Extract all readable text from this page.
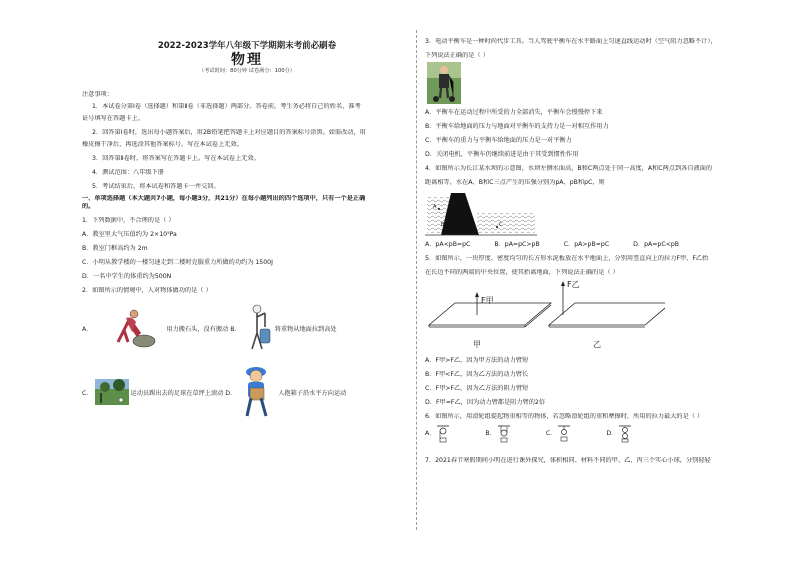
2022-2023学年八年级下学期期末考前必刷卷
物理
（考试时间：80分钟 试卷满分：100分）

注意事项：

1．本试卷分第Ⅰ卷（选择题）和第Ⅱ卷（非选择题）两部分。答卷前，考生务必将自己的姓名、准考

证号填写在答题卡上。

2．回答第Ⅰ卷时，选出每小题答案后，用2B铅笔把答题卡上对应题目的答案标号涂黑。如需改动，用

橡皮擦干净后，再选涂其他答案标号。写在本试卷上无效。

3．回答第Ⅱ卷时，将答案写在答题卡上。写在本试卷上无效。

4．测试范围：八年级下册

5．考试结束后，将本试卷和答题卡一并交回。

一、单项选择题（本大题共7小题，每小题3分，共21分）在每小题列出的四个选项中，只有一个是正确

的。

1．下列数据中，不合理的是（ ）

A．教室里大气压值约为 2×10⁵Pa

B．教室门框高约为 2m

C．小明从教学楼的一楼匀速走到二楼时克服重力所做的功约为 1500J

D．一名中学生的体重约为500N

2．如图所示的情境中，人对物体做功的是（ ）

A．	用力搬石头，没有搬动 B．	将重物从地面拉到高处
C．	运动员踢出去的足球在草坪上滚动 D．	人抱箱子沿水平方向运动

3．电动平衡车是一种时尚代步工具。当人驾驶平衡车在水平路面上匀速直线运动时（空气阻力忽略不计），

下列说法正确的是（ ）

A．平衡车在运动过程中所受的力全部消失，平衡车会慢慢停下来

B．平衡车给地面的压力与地面对平衡车的支持力是一对相互作用力

C．平衡车的重力与平衡车给地面的压力是一对平衡力

D．关闭电机，平衡车仍继续前进是由于其受到惯性作用

4．如图所示为长江某水坝的示意图，水坝左侧水面高，B和C两点处于同一高度，A和C两点到各自液面的

距离相等，水在A、B和C三点产生的压强分别为pA、pB和pC，则

A
B	C
A．pA<pB=pC	B．pA=pC>pB	C．pA>pB=pC	D．pA=pC<pB

5．如图所示，一块厚度、密度均匀的长方形水泥板放在水平地面上，分别用竖直向上的拉力F甲、F乙抬

在长边不同的两端的中央位置，使其抬离地面，下列说法正确的是（ ）

F甲
F乙
甲	乙

A．F甲>F乙，因为甲方法的动力臂短

B．F甲<F乙，因为乙方法的动力臂长

C．F甲>F乙，因为乙方法的阻力臂短

D．F甲=F乙，因为动力臂都是阻力臂的2倍

6．如图所示，用滑轮组提起物重相等的物体，若忽略滑轮组的重和摩擦时，所用的拉力最大的是（ ）

A．	B．	C．	D．

7．2021春节寒假期间小明在进行课外探究，体积相同、材料不同的甲、乙、丙三个实心小球，分别轻轻
